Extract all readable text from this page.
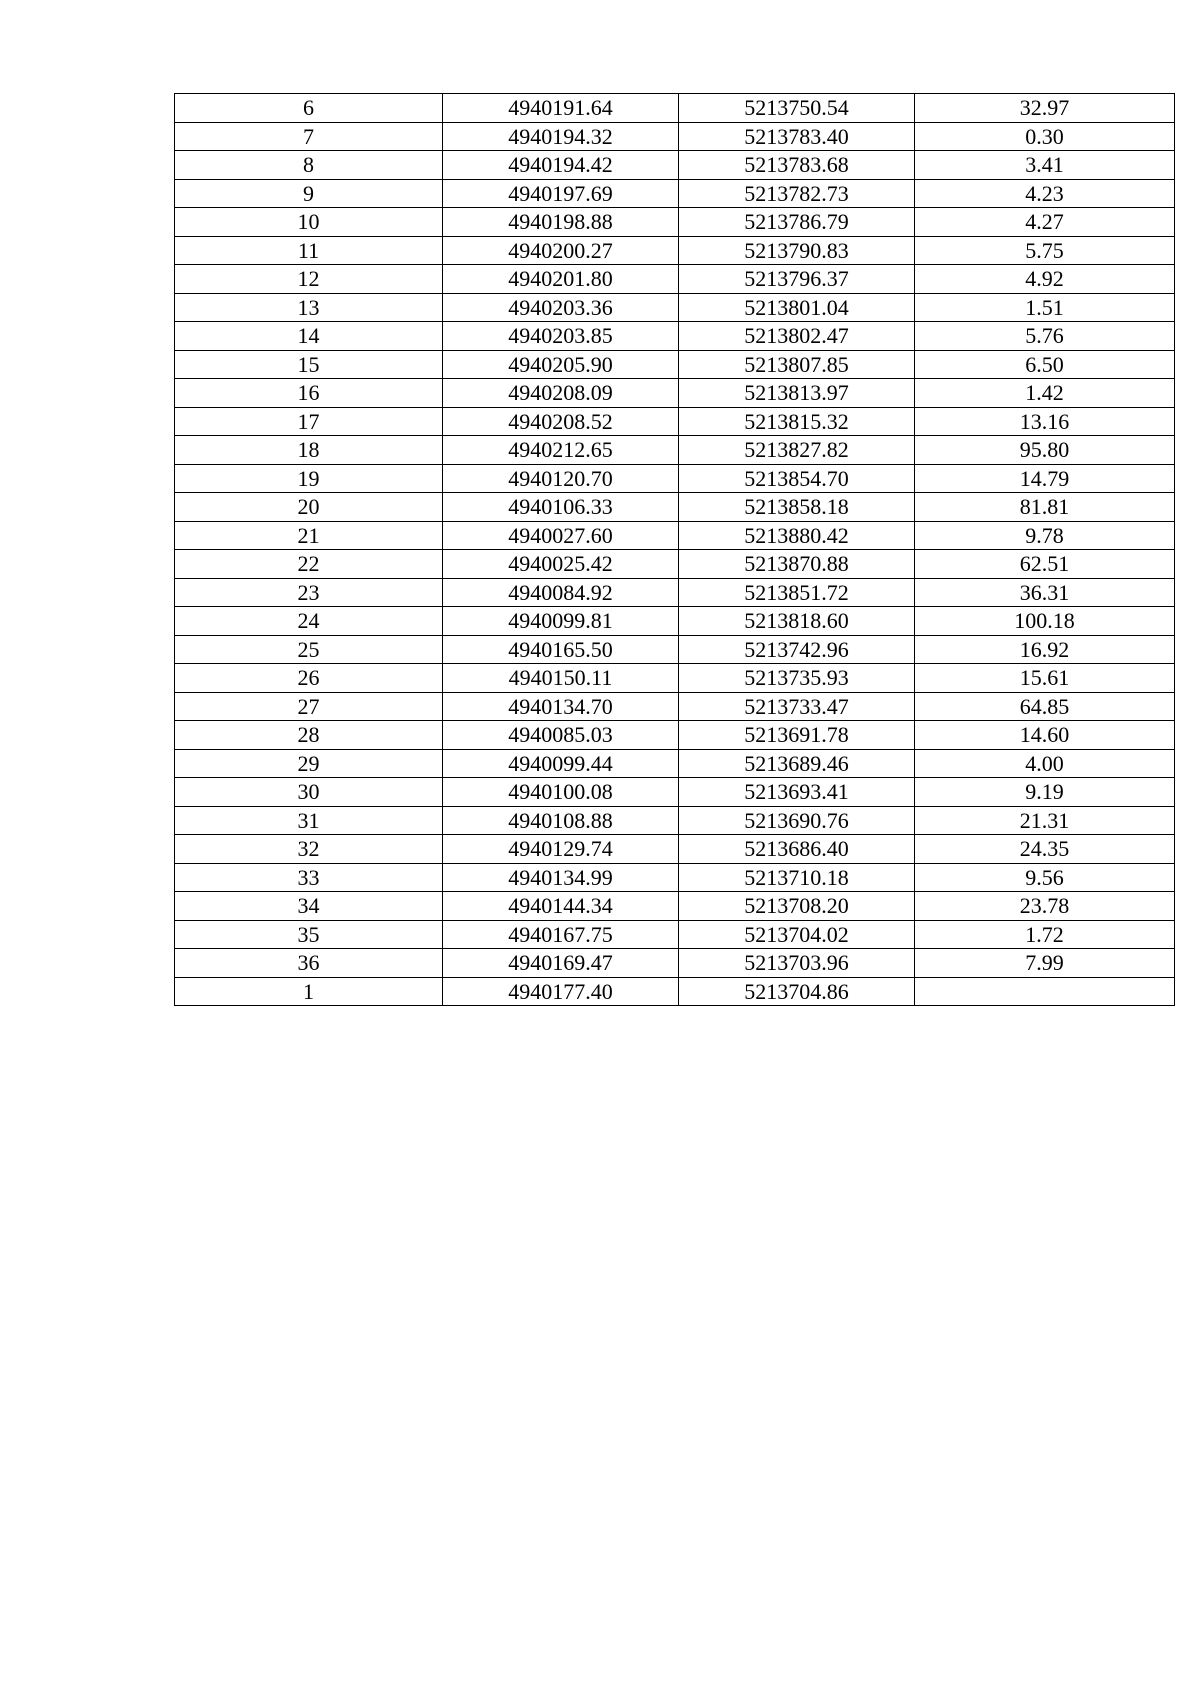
6	4940191.64	5213750.54	32.97
7	4940194.32	5213783.40	0.30
8	4940194.42	5213783.68	3.41
9	4940197.69	5213782.73	4.23
10	4940198.88	5213786.79	4.27
11	4940200.27	5213790.83	5.75
12	4940201.80	5213796.37	4.92
13	4940203.36	5213801.04	1.51
14	4940203.85	5213802.47	5.76
15	4940205.90	5213807.85	6.50
16	4940208.09	5213813.97	1.42
17	4940208.52	5213815.32	13.16
18	4940212.65	5213827.82	95.80
19	4940120.70	5213854.70	14.79
20	4940106.33	5213858.18	81.81
21	4940027.60	5213880.42	9.78
22	4940025.42	5213870.88	62.51
23	4940084.92	5213851.72	36.31
24	4940099.81	5213818.60	100.18
25	4940165.50	5213742.96	16.92
26	4940150.11	5213735.93	15.61
27	4940134.70	5213733.47	64.85
28	4940085.03	5213691.78	14.60
29	4940099.44	5213689.46	4.00
30	4940100.08	5213693.41	9.19
31	4940108.88	5213690.76	21.31
32	4940129.74	5213686.40	24.35
33	4940134.99	5213710.18	9.56
34	4940144.34	5213708.20	23.78
35	4940167.75	5213704.02	1.72
36	4940169.47	5213703.96	7.99
1	4940177.40	5213704.86	
